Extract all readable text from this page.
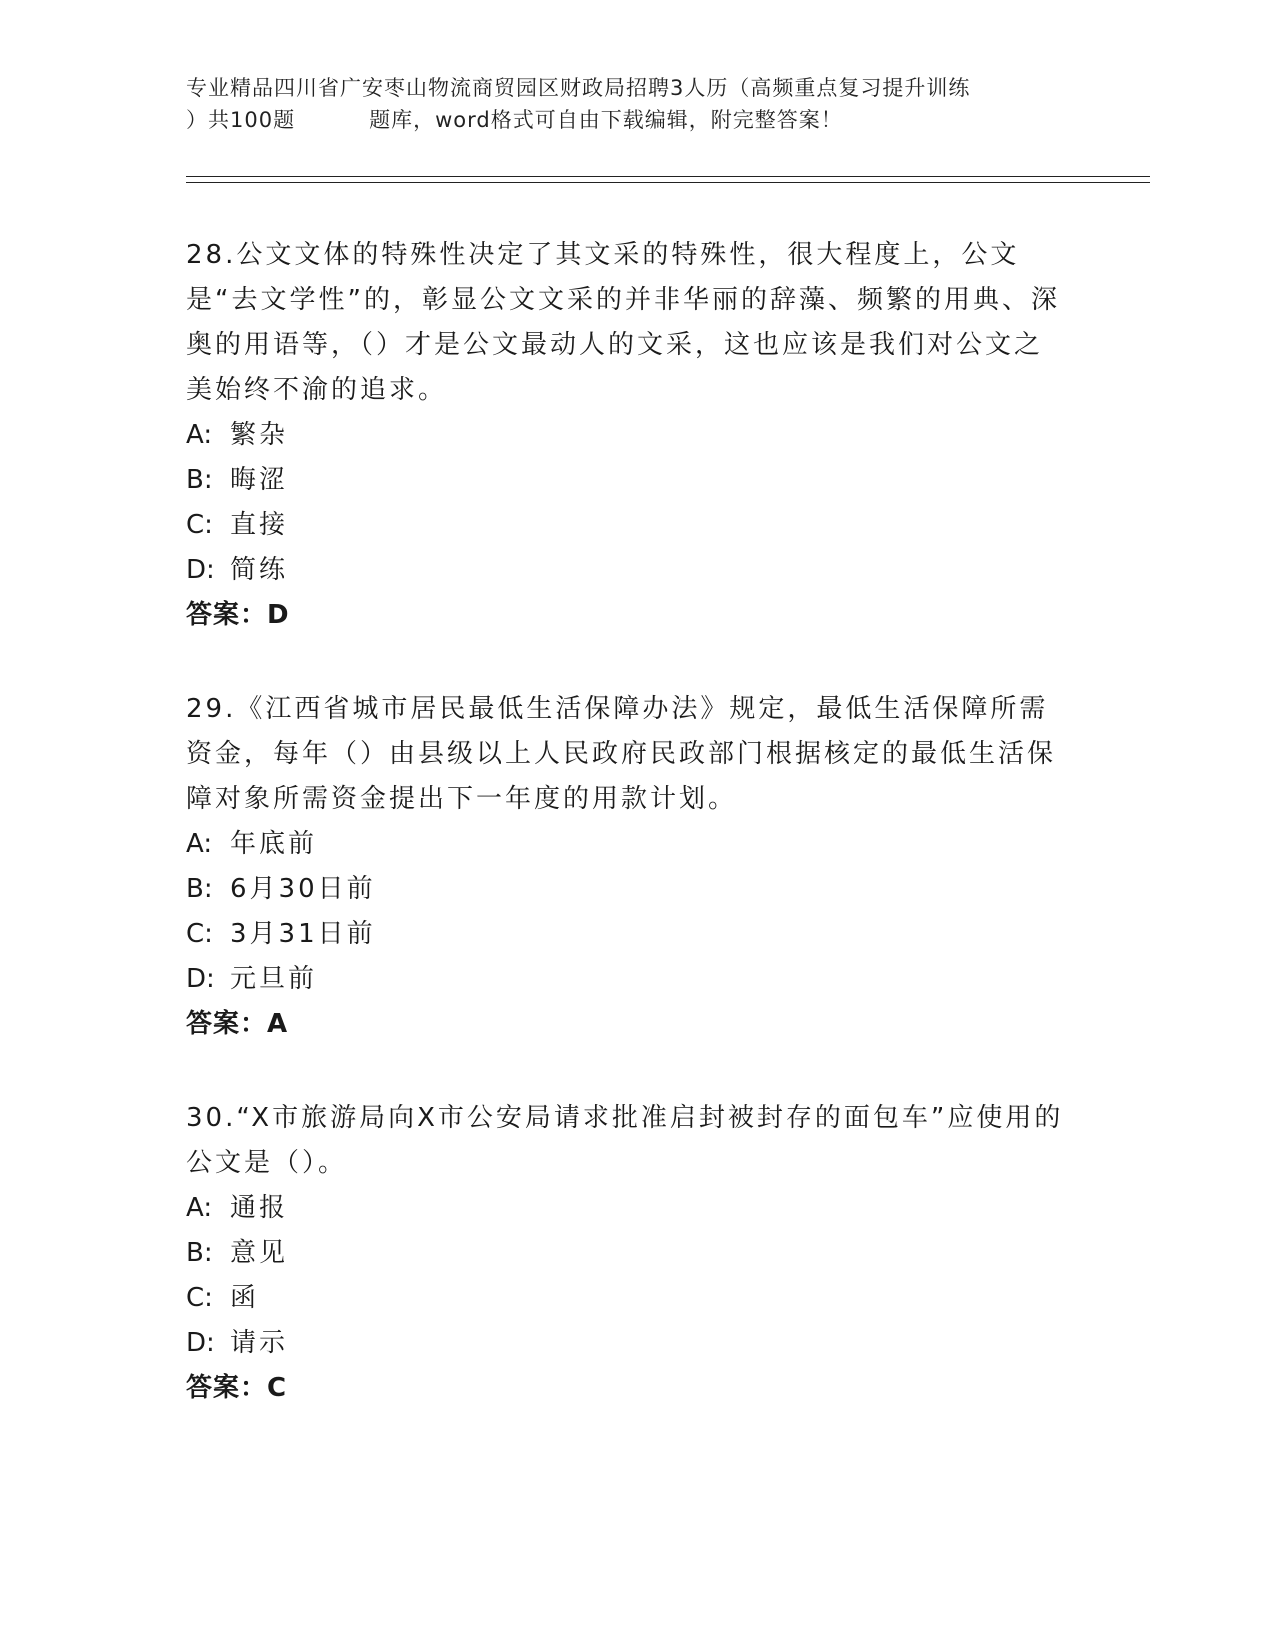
专业精品四川省广安枣山物流商贸园区财政局招聘3人历（高频重点复习提升训练
）共100题	题库，word格式可自由下载编辑，附完整答案！
28.公文文体的特殊性决定了其文采的特殊性，很大程度上，公文是“去文学性”的，彰显公文文采的并非华丽的辞藻、频繁的用典、深奥的用语等，（）才是公文最动人的文采，这也应该是我们对公文之美始终不渝的追求。
A: 繁杂
B: 晦涩
C: 直接
D: 简练
答案：D
29.《江西省城市居民最低生活保障办法》规定，最低生活保障所需资金，每年（）由县级以上人民政府民政部门根据核定的最低生活保障对象所需资金提出下一年度的用款计划。
A: 年底前
B: 6月30日前
C: 3月31日前
D: 元旦前
答案：A
30.“X市旅游局向X市公安局请求批准启封被封存的面包车”应使用的公文是（）。
A: 通报
B: 意见
C: 函
D: 请示
答案：C
